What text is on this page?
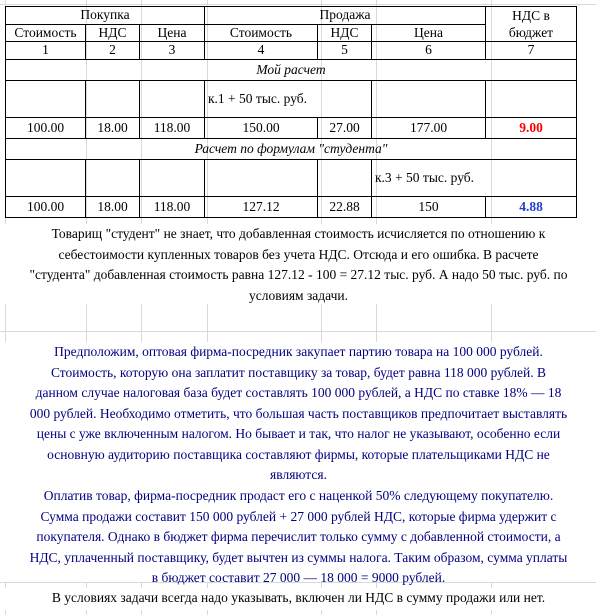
Покупка			Продажа			НДС в
бюджет
Стоимость	НДС	Цена	Стоимость	НДС	Цена	
1	2	3	4	5	6	7
Мой расчет						
			к.1 + 50 тыс. руб.			
100.00	18.00	118.00	150.00	27.00	177.00	9.00
Расчет по формулам "студента"						
					к.3 + 50 тыс. руб.	
100.00	18.00	118.00	127.12	22.88	150	4.88
Товарищ "студент" не знает, что добавленная стоимость исчисляется по отношению к
себестоимости купленных товаров без учета НДС. Отсюда и его ошибка. В расчете
"студента" добавленная стоимость равна 127.12 - 100 = 27.12 тыс. руб. А надо 50 тыс. руб. по
условиям задачи.
Предположим, оптовая фирма-посредник закупает партию товара на 100 000 рублей.
Стоимость, которую она заплатит поставщику за товар, будет равна 118 000 рублей. В
данном случае налоговая база будет составлять 100 000 рублей, а НДС по ставке 18% — 18
000 рублей. Необходимо отметить, что большая часть поставщиков предпочитает выставлять
цены с уже включенным налогом. Но бывает и так, что налог не указывают, особенно если
основную аудиторию поставщика составляют фирмы, которые плательщиками НДС не
являются.
Оплатив товар, фирма-посредник продаст его с наценкой 50% следующему покупателю.
Сумма продажи составит 150 000 рублей + 27 000 рублей НДС, которые фирма удержит с
покупателя. Однако в бюджет фирма перечислит только сумму с добавленной стоимости, а
НДС, уплаченный поставщику, будет вычтен из суммы налога. Таким образом, сумма уплаты
в бюджет составит 27 000 — 18 000 = 9000 рублей.
В условиях задачи всегда надо указывать, включен ли НДС в сумму продажи или нет.
